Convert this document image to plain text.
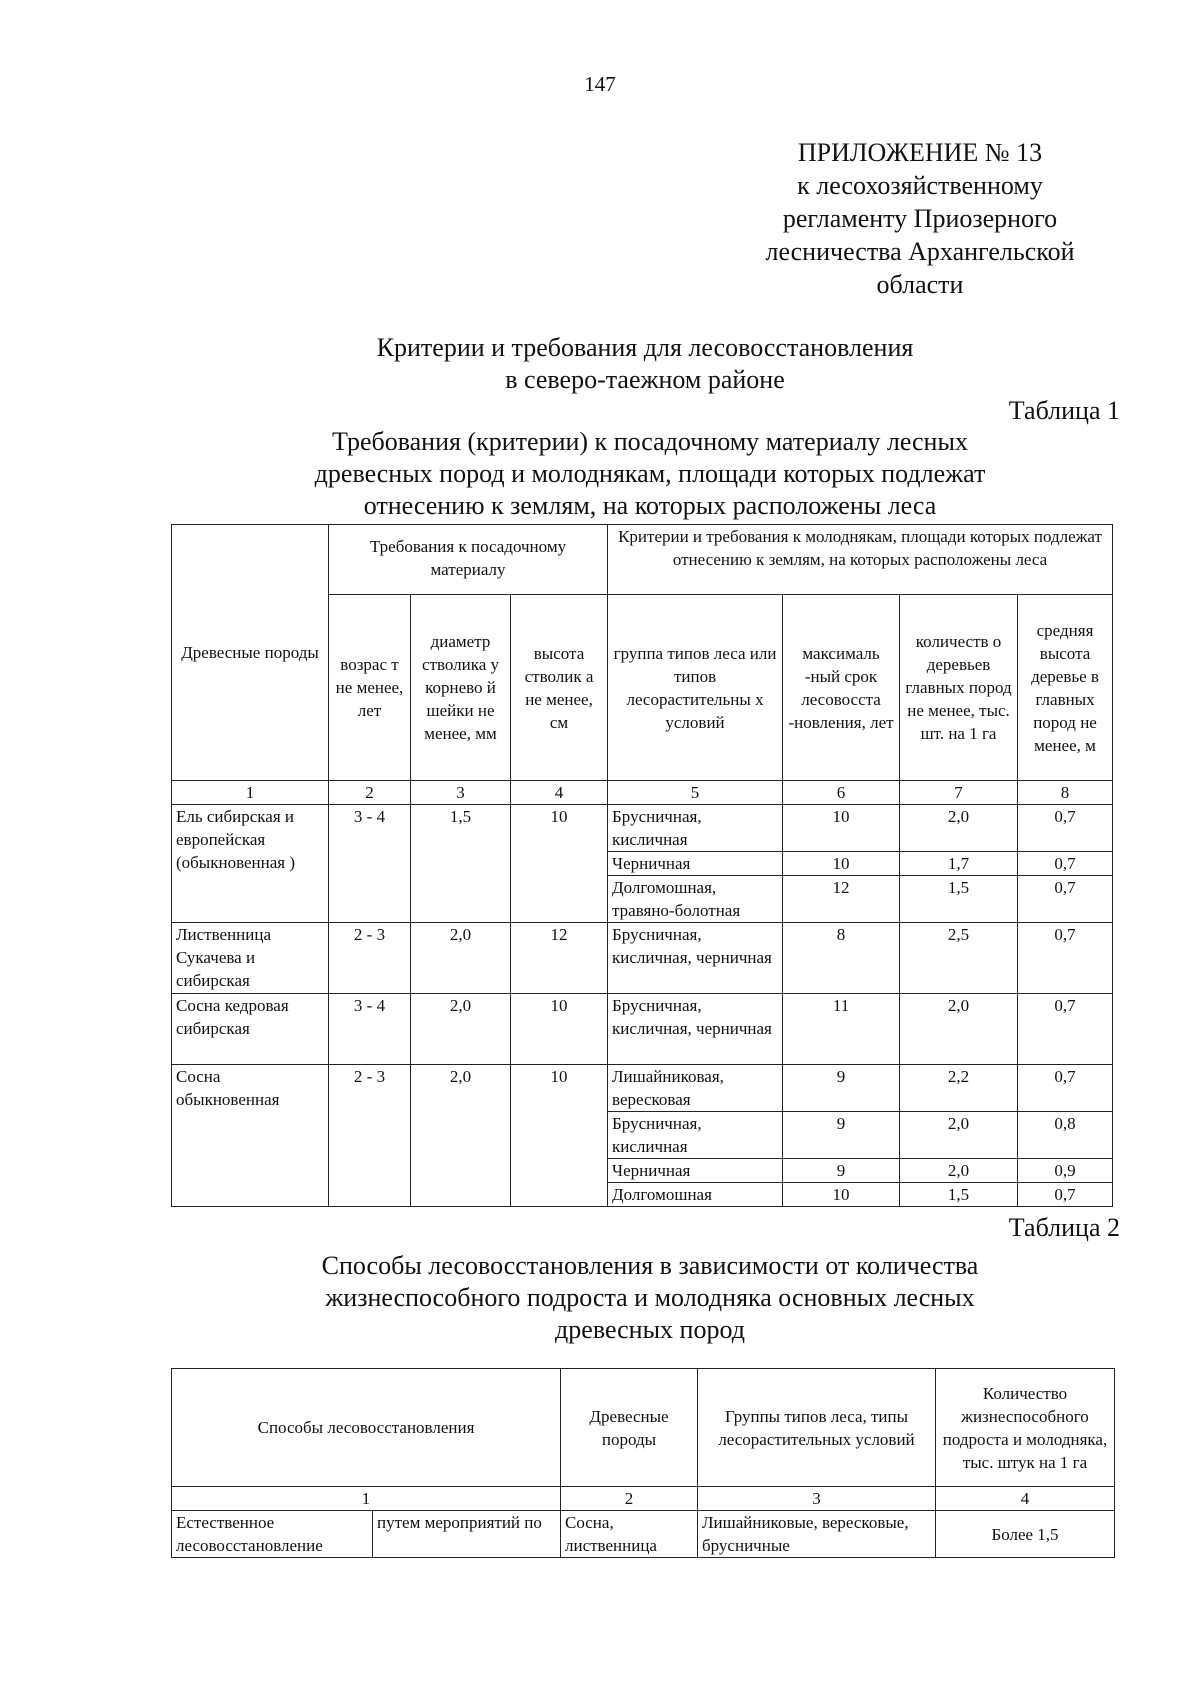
147
ПРИЛОЖЕНИЕ № 13
к лесохозяйственному
регламенту Приозерного
лесничества Архангельской
области
Критерии и требования для лесовосстановления
в северо-таежном районе
Таблица 1
Требования (критерии) к посадочному материалу лесных
древесных пород и молоднякам, площади которых подлежат
отнесению к землям, на которых расположены леса
Древесные породы	Требования к посадочному материалу			Критерии и требования к молоднякам, площади которых подлежат отнесению к землям, на которых расположены леса			
	возрас т не менее, лет	диаметр стволика у корнево й шейки не менее, мм	высота стволик а не менее, см	группа типов леса или типов лесорастительны х условий	максималь -ный срок лесовосста -новления, лет	количеств о деревьев главных пород не менее, тыс. шт. на 1 га	средняя высота деревье в главных пород не менее, м
1	2	3	4	5	6	7	8
Ель сибирская и европейская (обыкновенная )	3 - 4	1,5	10	Брусничная, кисличная	10	2,0	0,7
				Черничная	10	1,7	0,7
				Долгомошная, травяно-болотная	12	1,5	0,7
Лиственница Сукачева и сибирская	2 - 3	2,0	12	Брусничная, кисличная, черничная	8	2,5	0,7
Сосна кедровая сибирская	3 - 4	2,0	10	Брусничная, кисличная, черничная	11	2,0	0,7
Сосна обыкновенная	2 - 3	2,0	10	Лишайниковая, вересковая	9	2,2	0,7
				Брусничная, кисличная	9	2,0	0,8
				Черничная	9	2,0	0,9
				Долгомошная	10	1,5	0,7
Таблица 2
Способы лесовосстановления в зависимости от количества
жизнеспособного подроста и молодняка основных лесных
древесных пород
Способы лесовосстановления		Древесные породы	Группы типов леса, типы лесорастительных условий	Количество жизнеспособного подроста и молодняка, тыс. штук на 1 га
1		2	3	4
Естественное лесовосстановление	путем мероприятий по	Сосна, лиственница	Лишайниковые, вересковые, брусничные	Более 1,5
